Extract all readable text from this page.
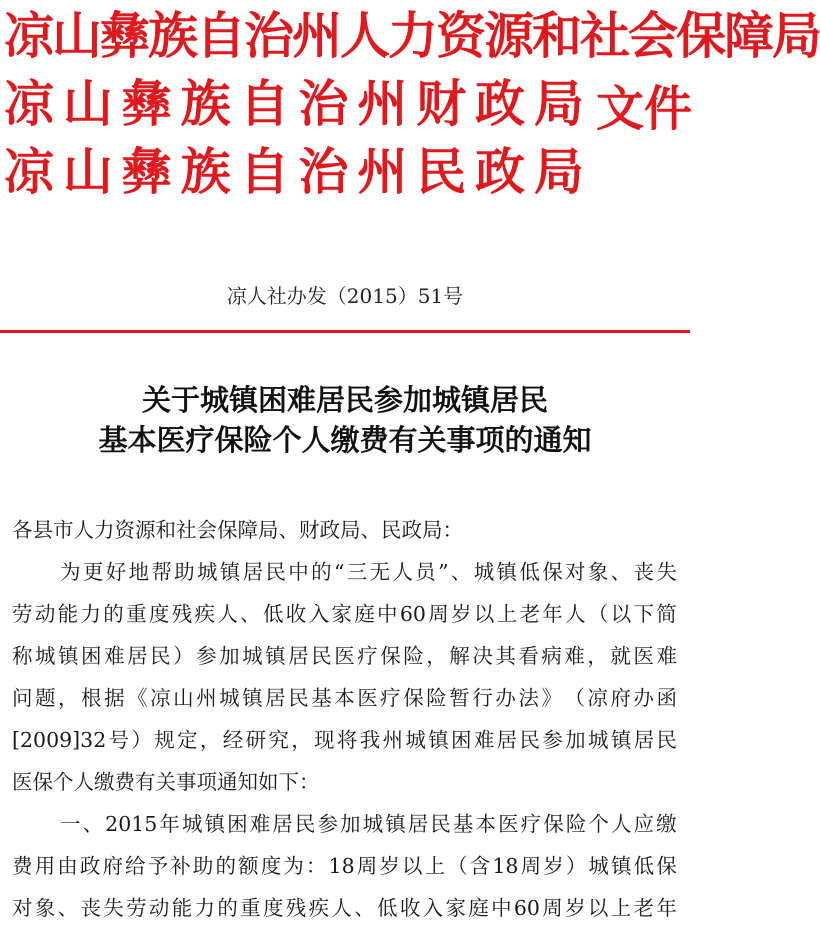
凉山彝族自治州人力资源和社会保障局
凉 山 彝 族 自 治 州 财 政 局
凉 山 彝 族 自 治 州 民 政 局
文件
凉人社办发（2015）51号
关于城镇困难居民参加城镇居民
基本医疗保险个人缴费有关事项的通知
各县市人力资源和社会保障局、财政局、民政局：
为 更 好 地 帮 助 城 镇 居 民 中 的 “ 三 无 人 员 ” 、 城 镇 低 保 对 象 、 丧 失
劳 动 能 力 的 重 度 残 疾 人 、 低 收 入 家 庭 中 60 周 岁 以 上 老 年 人 （ 以 下 简
称 城 镇 困 难 居 民 ） 参 加 城 镇 居 民 医 疗 保 险 ， 解 决 其 看 病 难 ， 就 医 难
问 题 ， 根 据 《 凉 山 州 城 镇 居 民 基 本 医 疗 保 险 暂 行 办 法 》 （ 凉 府 办 函
[2009]32 号 ） 规 定 ， 经 研 究 ， 现 将 我 州 城 镇 困 难 居 民 参 加 城 镇 居 民
医保个人缴费有关事项通知如下：
一 、 2015 年 城 镇 困 难 居 民 参 加 城 镇 居 民 基 本 医 疗 保 险 个 人 应 缴
费 用 由 政 府 给 予 补 助 的 额 度 为 ： 18 周 岁 以 上 （ 含 18 周 岁 ） 城 镇 低 保
对 象 、 丧 失 劳 动 能 力 的 重 度 残 疾 人 、 低 收 入 家 庭 中 60 周 岁 以 上 老 年
